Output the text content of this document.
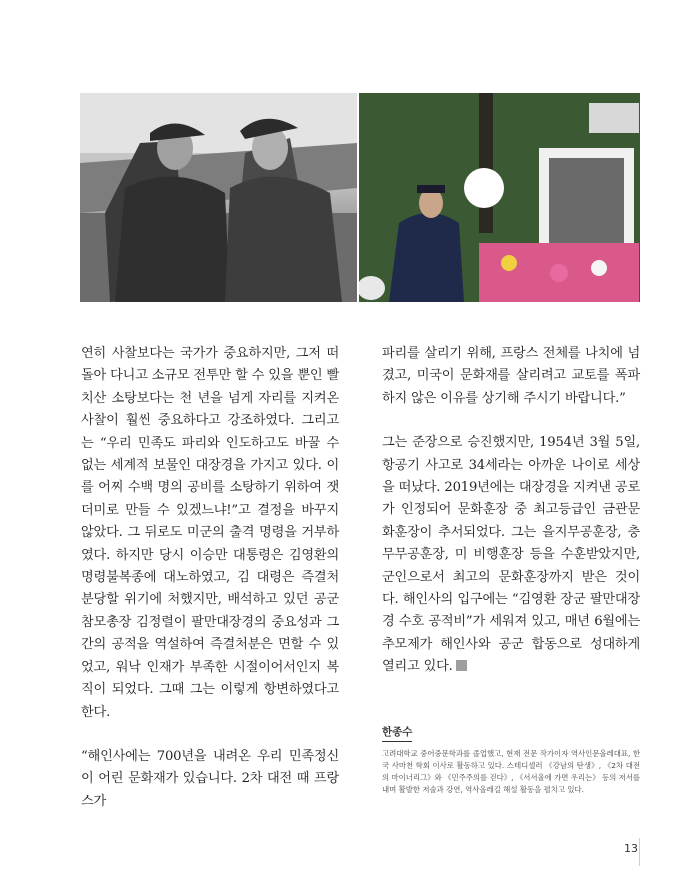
연히 사찰보다는 국가가 중요하지만, 그저 떠돌아 다니고 소규모 전투만 할 수 있을 뿐인 빨치산 소탕보다는 천 년을 넘게 자리를 지켜온 사찰이 훨씬 중요하다고 강조하였다. 그리고는 “우리 민족도 파리와 인도하고도 바꿀 수 없는 세계적 보물인 대장경을 가지고 있다. 이를 어찌 수백 명의 공비를 소탕하기 위하여 잿더미로 만들 수 있겠느냐!”고 결정을 바꾸지 않았다. 그 뒤로도 미군의 출격 명령을 거부하였다. 하지만 당시 이승만 대통령은 김영환의 명령불복종에 대노하였고, 김 대령은 즉결처분당할 위기에 처했지만, 배석하고 있던 공군참모총장 김정렬이 팔만대장경의 중요성과 그간의 공적을 역설하여 즉결처분은 면할 수 있었고, 워낙 인재가 부족한 시절이어서인지 복직이 되었다. 그때 그는 이렇게 항변하였다고 한다.

“해인사에는 700년을 내려온 우리 민족정신이 어린 문화재가 있습니다. 2차 대전 때 프랑스가

파리를 살리기 위해, 프랑스 전체를 나치에 넘겼고, 미국이 문화재를 살리려고 교토를 폭파하지 않은 이유를 상기해 주시기 바랍니다.”

그는 준장으로 승진했지만, 1954년 3월 5일, 항공기 사고로 34세라는 아까운 나이로 세상을 떠났다. 2019년에는 대장경을 지켜낸 공로가 인정되어 문화훈장 중 최고등급인 금관문화훈장이 추서되었다. 그는 을지무공훈장, 충무무공훈장, 미 비행훈장 등을 수훈받았지만, 군인으로서 최고의 문화훈장까지 받은 것이다. 해인사의 입구에는 “김영환 장군 팔만대장경 수호 공적비”가 세워져 있고, 매년 6월에는 추모제가 해인사와 공군 합동으로 성대하게 열리고 있다.

한종수
고려대학교 중어중문학과를 졸업했고, 현재 전문 작가이자 역사인문올레대표, 한국 사마천 학회 이사로 활동하고 있다. 스테디셀러 《강남의 탄생》, 《2차 대전의 마이너리그》와 《민주주의를 걷다》, 《서서울에 가면 우리는》 등의 저서를 내며 활발한 저술과 강연, 역사올레길 해설 활동을 펼치고 있다.
13
